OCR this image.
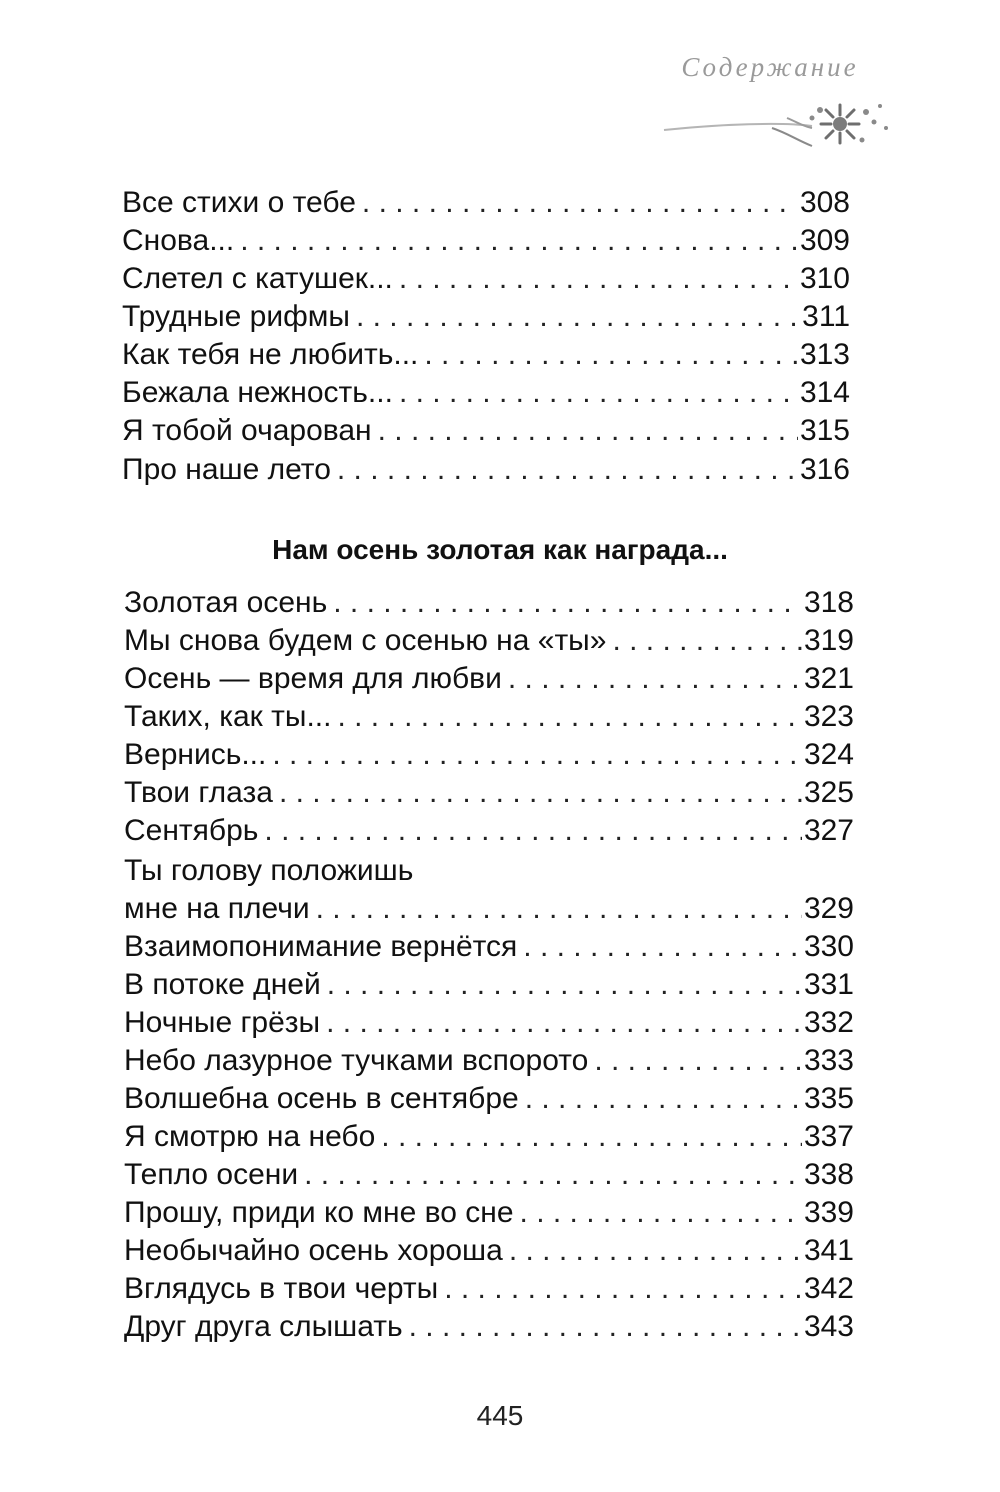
Содержание
Все стихи о тебе . . .	308
Снова... . . .	309
Слетел с катушек... . . .	310
Трудные рифмы . . .	311
Как тебя не любить... . . .	313
Бежала нежность... . . .	314
Я тобой очарован . . .	315
Про наше лето . . .	316
Нам осень золотая как награда...
Золотая осень . . .	318
Мы снова будем с осенью на «ты» . . .	319
Осень — время для любви . . .	321
Таких, как ты... . . .	323
Вернись... . . .	324
Твои глаза . . .	325
Сентябрь . . .	327
Ты голову положишь
мне на плечи . . .	329
Взаимопонимание вернётся . . .	330
В потоке дней . . .	331
Ночные грёзы . . .	332
Небо лазурное тучками вспорото . . .	333
Волшебна осень в сентябре . . .	335
Я смотрю на небо . . .	337
Тепло осени . . .	338
Прошу, приди ко мне во сне . . .	339
Необычайно осень хороша . . .	341
Вглядусь в твои черты . . .	342
Друг друга слышать . . .	343
445
